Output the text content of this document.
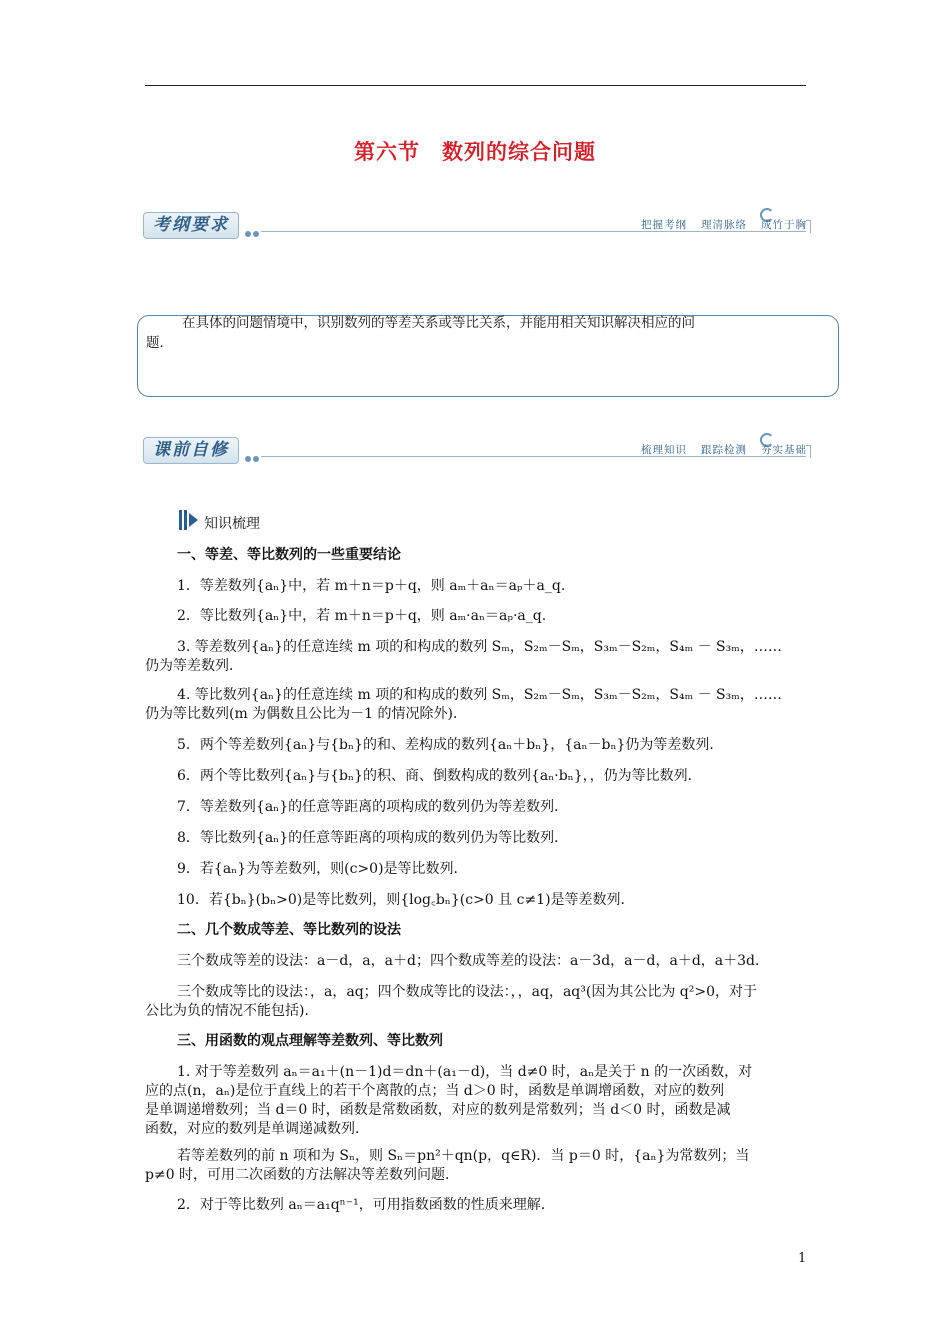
第六节 数列的综合问题
考纲要求	把握考纲 理清脉络 成竹于胸
在具体的问题情境中，识别数列的等差关系或等比关系，并能用相关知识解决相应的问
题．
课前自修	梳理知识 跟踪检测 夯实基础
知识梳理
一、等差、等比数列的一些重要结论
1．等差数列{aₙ}中，若 m＋n＝p＋q，则 aₘ＋aₙ＝aₚ＋a_q.
2．等比数列{aₙ}中，若 m＋n＝p＋q，则 aₘ·aₙ＝aₚ·a_q.
3. 等差数列{aₙ}的任意连续 m 项的和构成的数列 Sₘ，S₂ₘ－Sₘ，S₃ₘ－S₂ₘ，S₄ₘ － S₃ₘ，……
仍为等差数列．
4. 等比数列{aₙ}的任意连续 m 项的和构成的数列 Sₘ，S₂ₘ－Sₘ，S₃ₘ－S₂ₘ，S₄ₘ － S₃ₘ，……
仍为等比数列(m 为偶数且公比为－1 的情况除外)．
5．两个等差数列{aₙ}与{bₙ}的和、差构成的数列{aₙ＋bₙ}，{aₙ－bₙ}仍为等差数列．
6．两个等比数列{aₙ}与{bₙ}的积、商、倒数构成的数列{aₙ·bₙ}，，仍为等比数列．
7．等差数列{aₙ}的任意等距离的项构成的数列仍为等差数列．
8．等比数列{aₙ}的任意等距离的项构成的数列仍为等比数列．
9．若{aₙ}为等差数列，则(c>0)是等比数列．
10．若{bₙ}(bₙ>0)是等比数列，则{log꜀bₙ}(c>0 且 c≠1)是等差数列．
二、几个数成等差、等比数列的设法
三个数成等差的设法：a－d，a，a＋d；四个数成等差的设法：a－3d，a－d，a＋d，a＋3d.
三个数成等比的设法：，a，aq；四个数成等比的设法：，，aq，aq³(因为其公比为 q²>0，对于
公比为负的情况不能包括)．
三、用函数的观点理解等差数列、等比数列
1. 对于等差数列 aₙ＝a₁＋(n－1)d＝dn＋(a₁－d)，当 d≠0 时，aₙ是关于 n 的一次函数，对
应的点(n，aₙ)是位于直线上的若干个离散的点；当 d＞0 时，函数是单调增函数，对应的数列
是单调递增数列；当 d＝0 时，函数是常数函数，对应的数列是常数列；当 d＜0 时，函数是减
函数，对应的数列是单调递减数列．
若等差数列的前 n 项和为 Sₙ，则 Sₙ＝pn²＋qn(p，q∈R)．当 p＝0 时，{aₙ}为常数列；当
p≠0 时，可用二次函数的方法解决等差数列问题．
2．对于等比数列 aₙ＝a₁qⁿ⁻¹，可用指数函数的性质来理解．
1
